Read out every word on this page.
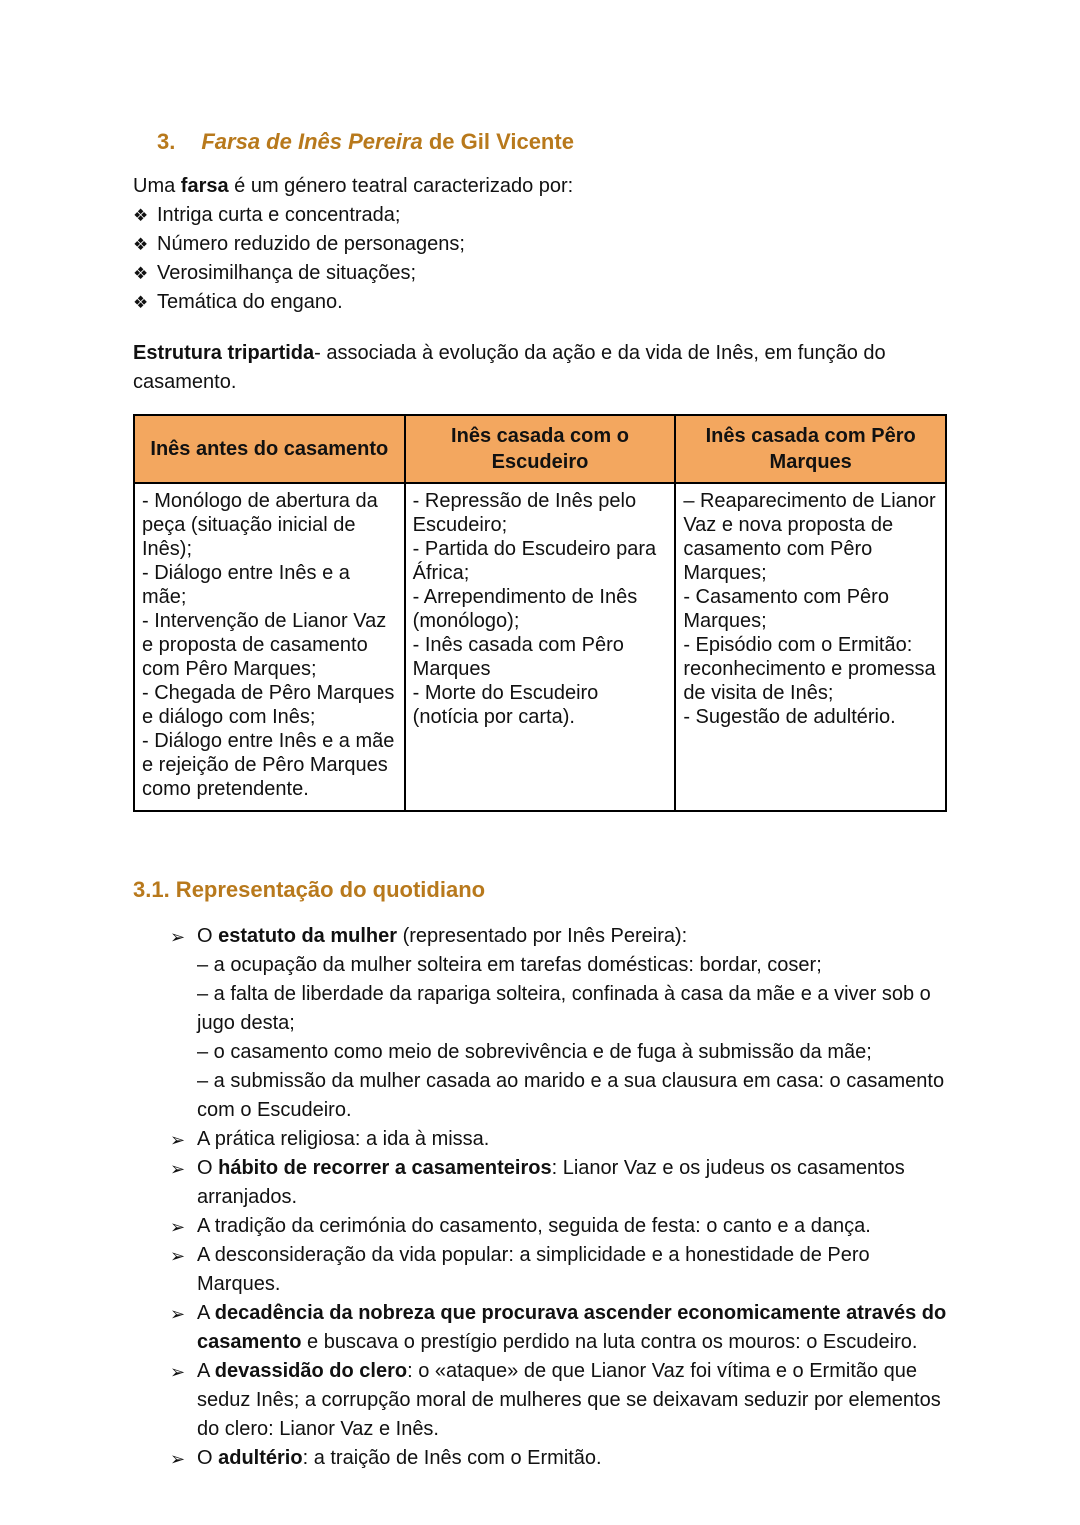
3. Farsa de Inês Pereira de Gil Vicente

Uma farsa é um género teatral caracterizado por:

❖ Intriga curta e concentrada;
❖ Número reduzido de personagens;
❖ Verosimilhança de situações;
❖ Temática do engano.

Estrutura tripartida- associada à evolução da ação e da vida de Inês, em função do casamento.

Inês antes do casamento	Inês casada com o Escudeiro	Inês casada com Pêro Marques

- Monólogo de abertura da peça (situação inicial de Inês);
- Diálogo entre Inês e a mãe;
- Intervenção de Lianor Vaz e proposta de casamento com Pêro Marques;
- Chegada de Pêro Marques e diálogo com Inês;
- Diálogo entre Inês e a mãe e rejeição de Pêro Marques como pretendente.

- Repressão de Inês pelo Escudeiro;
- Partida do Escudeiro para África;
- Arrependimento de Inês (monólogo);
- Inês casada com Pêro Marques
- Morte do Escudeiro (notícia por carta).

– Reaparecimento de Lianor Vaz e nova proposta de casamento com Pêro Marques;
- Casamento com Pêro Marques;
- Episódio com o Ermitão: reconhecimento e promessa de visita de Inês;
- Sugestão de adultério.
3.1. Representação do quotidiano
➢ O estatuto da mulher (representado por Inês Pereira):
– a ocupação da mulher solteira em tarefas domésticas: bordar, coser;
– a falta de liberdade da rapariga solteira, confinada à casa da mãe e a viver sob o jugo desta;
– o casamento como meio de sobrevivência e de fuga à submissão da mãe;
– a submissão da mulher casada ao marido e a sua clausura em casa: o casamento com o Escudeiro.
➢ A prática religiosa: a ida à missa.
➢ O hábito de recorrer a casamenteiros: Lianor Vaz e os judeus os casamentos arranjados.
➢ A tradição da cerimónia do casamento, seguida de festa: o canto e a dança.
➢ A desconsideração da vida popular: a simplicidade e a honestidade de Pero Marques.
➢ A decadência da nobreza que procurava ascender economicamente através do casamento e buscava o prestígio perdido na luta contra os mouros: o Escudeiro.
➢ A devassidão do clero: o «ataque» de que Lianor Vaz foi vítima e o Ermitão que seduz Inês; a corrupção moral de mulheres que se deixavam seduzir por elementos do clero: Lianor Vaz e Inês.
➢ O adultério: a traição de Inês com o Ermitão.
